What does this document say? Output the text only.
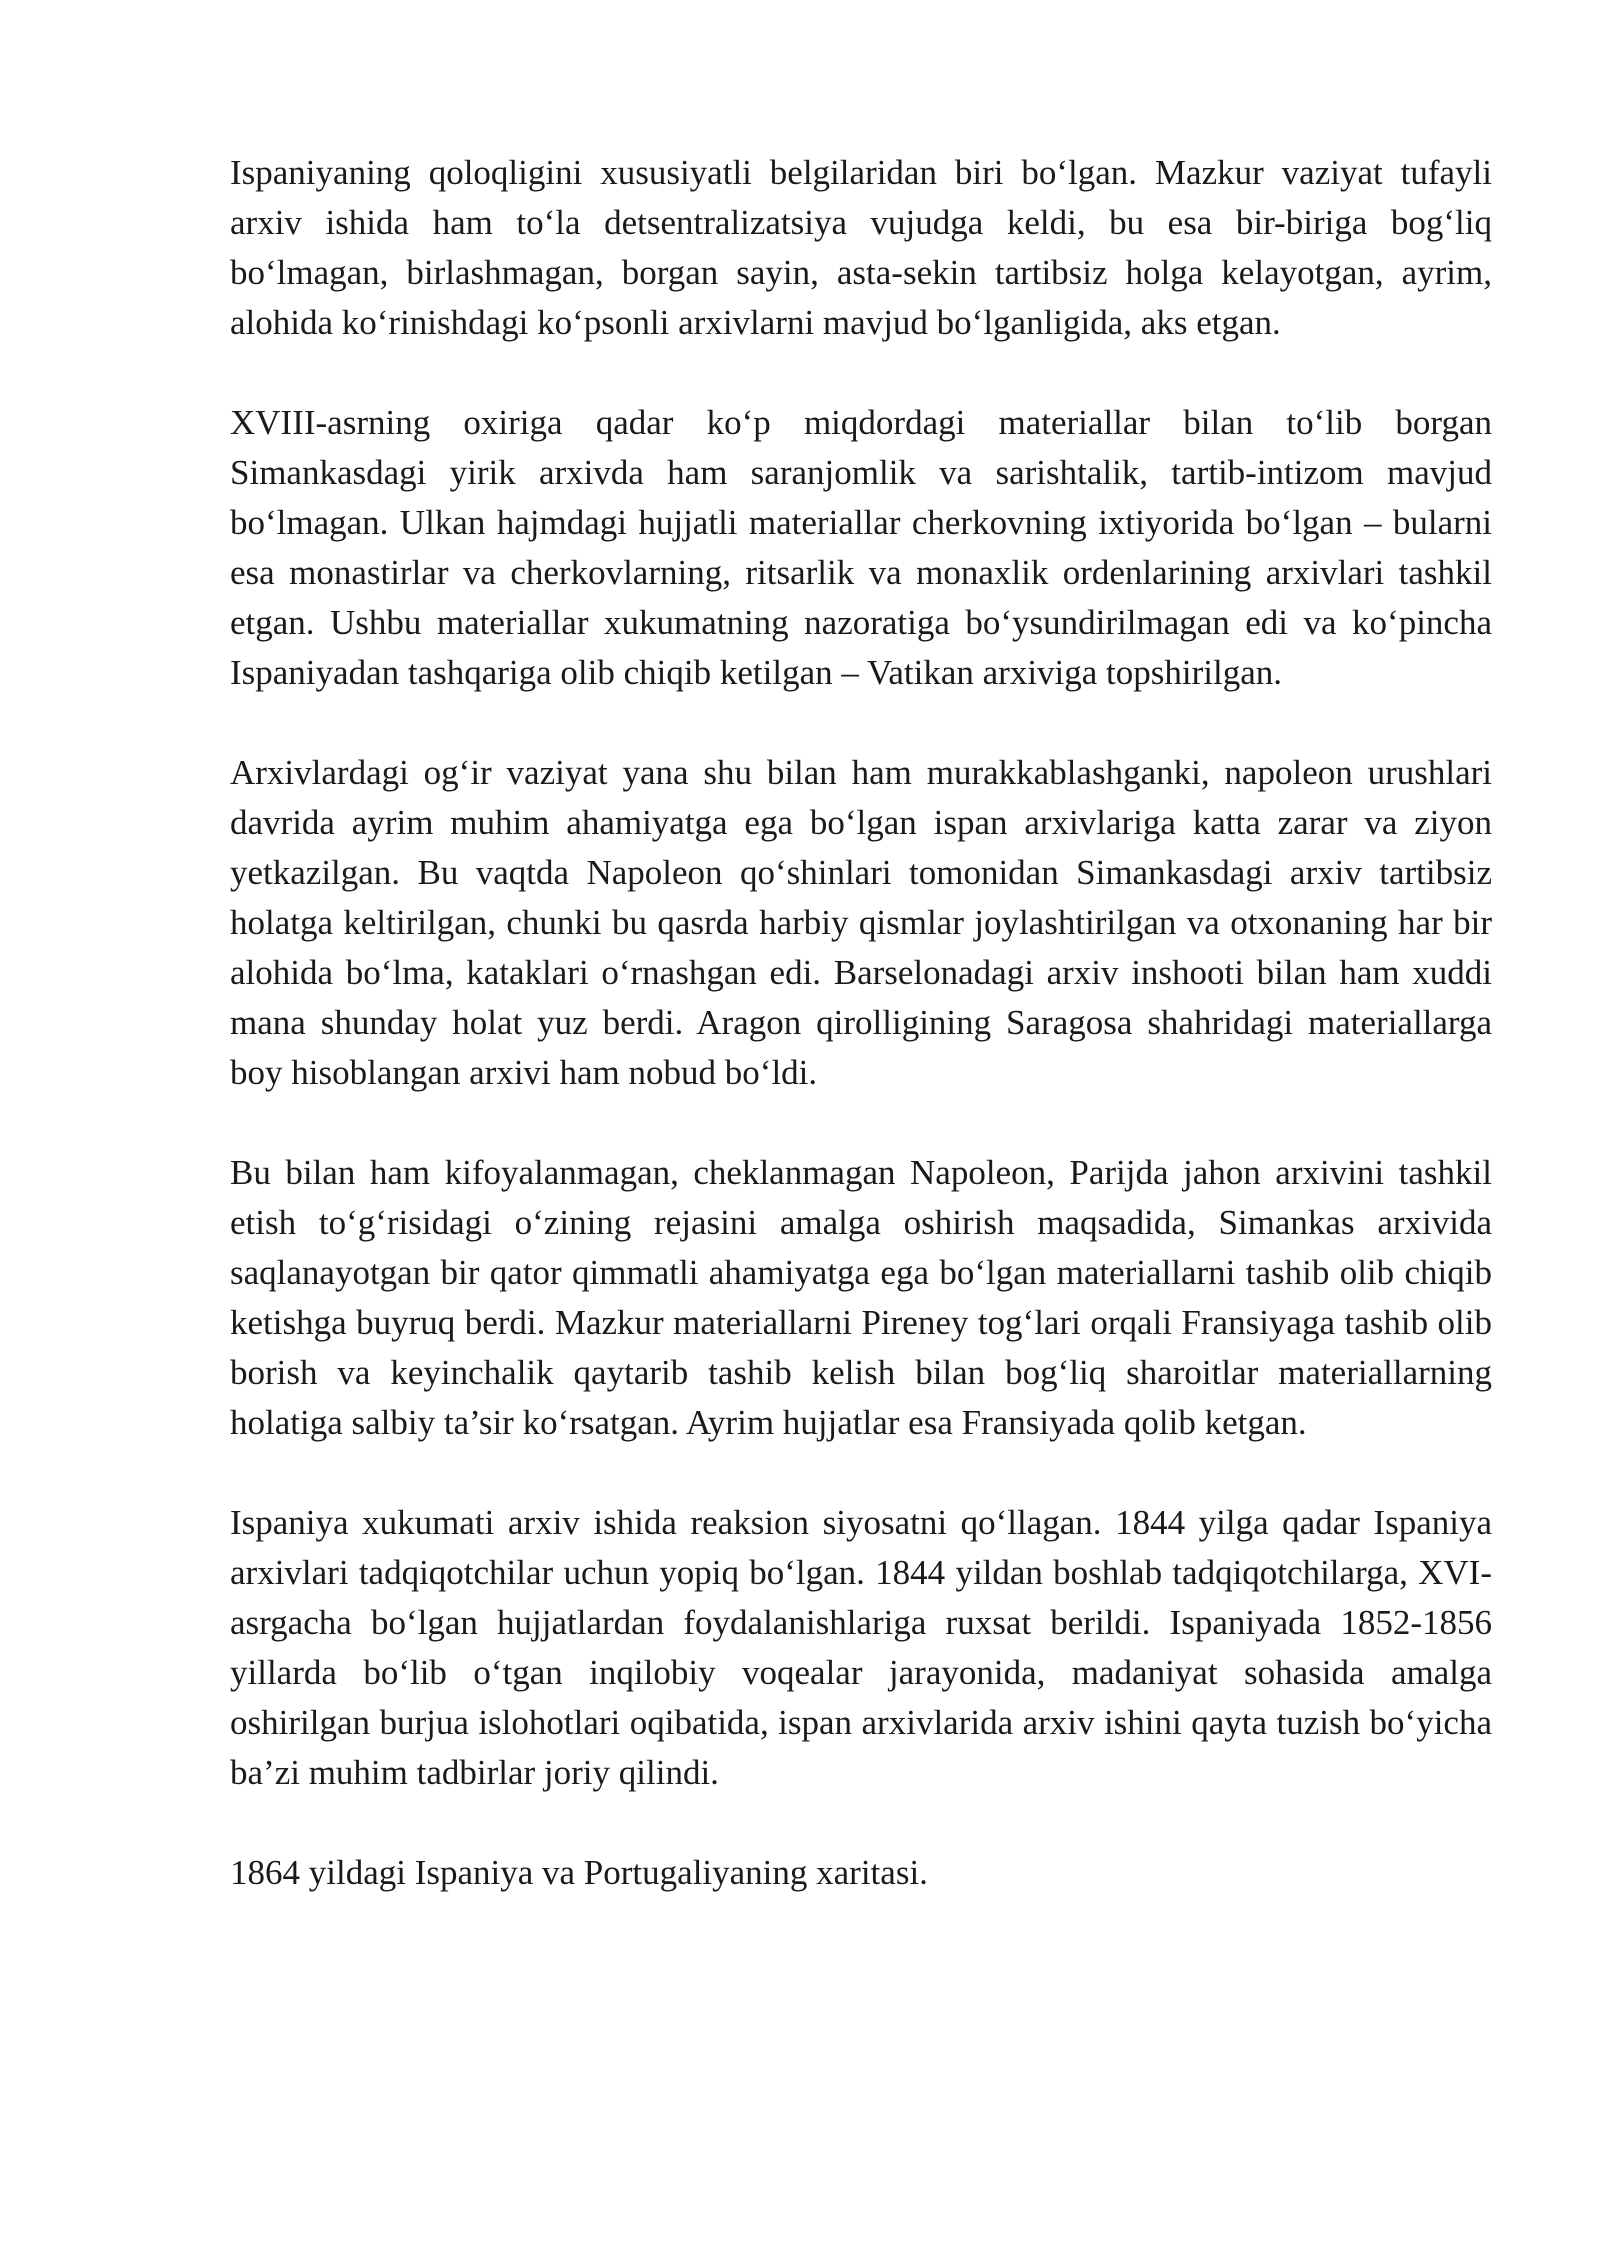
Ispaniyaning qoloqligini xususiyatli belgilaridan biri bo‘lgan. Mazkur vaziyat tufayli arxiv ishida ham to‘la detsentralizatsiya vujudga keldi, bu esa bir-biriga bog‘liq bo‘lmagan, birlashmagan, borgan sayin, asta-sekin tartibsiz holga kelayotgan, ayrim, alohida ko‘rinishdagi ko‘psonli arxivlarni mavjud bo‘lganligida, aks etgan.

XVIII-asrning oxiriga qadar ko‘p miqdordagi materiallar bilan to‘lib borgan Simankasdagi yirik arxivda ham saranjomlik va sarishtalik, tartib-intizom mavjud bo‘lmagan. Ulkan hajmdagi hujjatli materiallar cherkovning ixtiyorida bo‘lgan – bularni esa monastirlar va cherkovlarning, ritsarlik va monaxlik ordenlarining arxivlari tashkil etgan. Ushbu materiallar xukumatning nazoratiga bo‘ysundirilmagan edi va ko‘pincha Ispaniyadan tashqariga olib chiqib ketilgan – Vatikan arxiviga topshirilgan.

Arxivlardagi og‘ir vaziyat yana shu bilan ham murakkablashganki, napoleon urushlari davrida ayrim muhim ahamiyatga ega bo‘lgan ispan arxivlariga katta zarar va ziyon yetkazilgan. Bu vaqtda Napoleon qo‘shinlari tomonidan Simankasdagi arxiv tartibsiz holatga keltirilgan, chunki bu qasrda harbiy qismlar joylashtirilgan va otxonaning har bir alohida bo‘lma, kataklari o‘rnashgan edi. Barselonadagi arxiv inshooti bilan ham xuddi mana shunday holat yuz berdi. Aragon qirolligining Saragosa shahridagi materiallarga boy hisoblangan arxivi ham nobud bo‘ldi.

Bu bilan ham kifoyalanmagan, cheklanmagan Napoleon, Parijda jahon arxivini tashkil etish to‘g‘risidagi o‘zining rejasini amalga oshirish maqsadida, Simankas arxivida saqlanayotgan bir qator qimmatli ahamiyatga ega bo‘lgan materiallarni tashib olib chiqib ketishga buyruq berdi. Mazkur materiallarni Pireney tog‘lari orqali Fransiyaga tashib olib borish va keyinchalik qaytarib tashib kelish bilan bog‘liq sharoitlar materiallarning holatiga salbiy ta’sir ko‘rsatgan. Ayrim hujjatlar esa Fransiyada qolib ketgan.

Ispaniya xukumati arxiv ishida reaksion siyosatni qo‘llagan. 1844 yilga qadar Ispaniya arxivlari tadqiqotchilar uchun yopiq bo‘lgan. 1844 yildan boshlab tadqiqotchilarga, XVI-asrgacha bo‘lgan hujjatlardan foydalanishlariga ruxsat berildi. Ispaniyada 1852-1856 yillarda bo‘lib o‘tgan inqilobiy voqealar jarayonida, madaniyat sohasida amalga oshirilgan burjua islohotlari oqibatida, ispan arxivlarida arxiv ishini qayta tuzish bo‘yicha ba’zi muhim tadbirlar joriy qilindi.

1864 yildagi Ispaniya va Portugaliyaning xaritasi.
